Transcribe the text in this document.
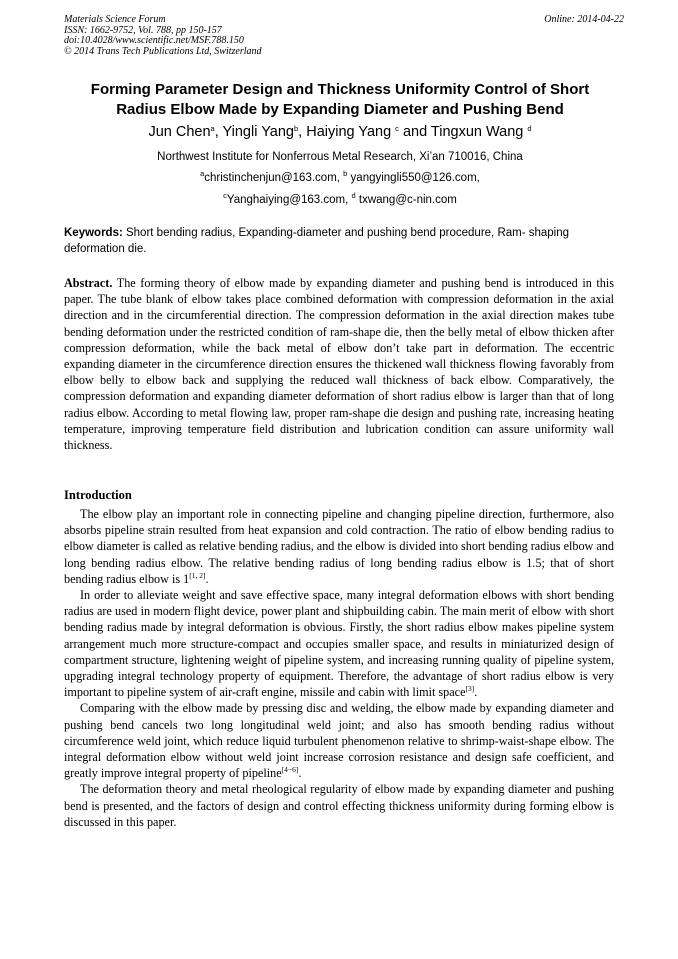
Materials Science Forum
ISSN: 1662-9752, Vol. 788, pp 150-157
doi:10.4028/www.scientific.net/MSF.788.150
© 2014 Trans Tech Publications Ltd, Switzerland
Online: 2014-04-22
Forming Parameter Design and Thickness Uniformity Control of Short
Radius Elbow Made by Expanding Diameter and Pushing Bend
Jun Chen$^a$, Yingli Yang$^b$, Haiying Yang $^c$ and Tingxun Wang $^d$
Northwest Institute for Nonferrous Metal Research, Xi’an 710016, China
$^a$christinchenjun@163.com, $^b$ yangyingli550@126.com,
$^c$Yanghaiying@163.com, $^d$ txwang@c-nin.com
Keywords: Short bending radius, Expanding-diameter and pushing bend procedure, Ram- shaping deformation die.
Abstract. The forming theory of elbow made by expanding diameter and pushing bend is introduced in this paper. The tube blank of elbow takes place combined deformation with compression deformation in the axial direction and in the circumferential direction. The compression deformation in the axial direction makes tube bending deformation under the restricted condition of ram-shape die, then the belly metal of elbow thicken after compression deformation, while the back metal of elbow don’t take part in deformation. The eccentric expanding diameter in the circumference direction ensures the thickened wall thickness flowing favorably from elbow belly to elbow back and supplying the reduced wall thickness of back elbow. Comparatively, the compression deformation and expanding diameter deformation of short radius elbow is larger than that of long radius elbow. According to metal flowing law, proper ram-shape die design and pushing rate, increasing heating temperature, improving temperature field distribution and lubrication condition can assure uniformity wall thickness.
Introduction

The elbow play an important role in connecting pipeline and changing pipeline direction, furthermore, also absorbs pipeline strain resulted from heat expansion and cold contraction. The ratio of elbow bending radius to elbow diameter is called as relative bending radius, and the elbow is divided into short bending radius elbow and long bending radius elbow. The relative bending radius of long bending radius elbow is 1.5; that of short bending radius elbow is 1[1, 2].

In order to alleviate weight and save effective space, many integral deformation elbows with short bending radius are used in modern flight device, power plant and shipbuilding cabin. The main merit of elbow with short bending radius made by integral deformation is obvious. Firstly, the short radius elbow makes pipeline system arrangement much more structure-compact and occupies smaller space, and results in miniaturized design of compartment structure, lightening weight of pipeline system, and increasing running quality of pipeline system, upgrading integral technology property of equipment. Therefore, the advantage of short radius elbow is very important to pipeline system of air-craft engine, missile and cabin with limit space[3].

Comparing with the elbow made by pressing disc and welding, the elbow made by expanding diameter and pushing bend cancels two long longitudinal weld joint; and also has smooth bending radius without circumference weld joint, which reduce liquid turbulent phenomenon relative to shrimp-waist-shape elbow. The integral deformation elbow without weld joint increase corrosion resistance and design safe coefficient, and greatly improve integral property of pipeline[4−6].

The deformation theory and metal rheological regularity of elbow made by expanding diameter and pushing bend is presented, and the factors of design and control effecting thickness uniformity during forming elbow is discussed in this paper.
